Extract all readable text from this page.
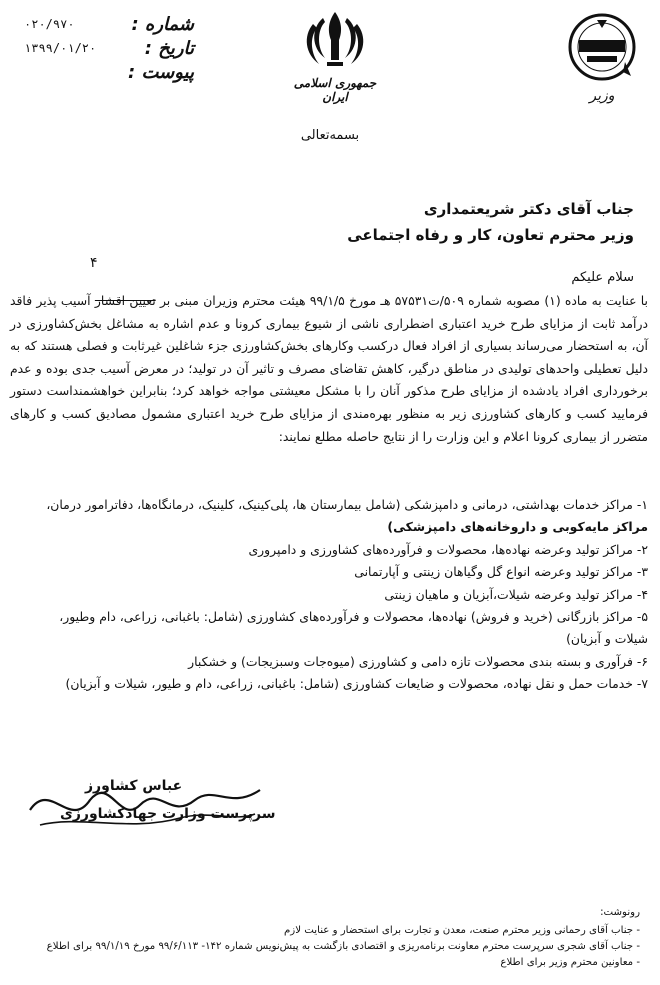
شماره :
۰۲۰/۹۷۰
تاریخ :
۱۳۹۹/۰۱/۲۰
پیوست :
جمهوری اسلامی ایران	وزیر
بسمه‌تعالی
جناب آقای دکتر شریعتمداری
وزیر محترم تعاون، کار و رفاه اجتماعی
۴
سلام علیکم
با عنایت به ماده (۱) مصوبه شماره ۵۰۹/ت۵۷۵۳۱ هـ مورخ ۹۹/۱/۵ هیئت محترم وزیران مبنی بر تعیین اقشار آسیب پذیر فاقد درآمد ثابت از مزایای طرح خرید اعتباری اضطراری ناشی از شیوع بیماری کرونا و عدم اشاره به مشاغل بخش‌کشاورزی در آن، به استحضار می‌رساند بسیاری از افراد فعال درکسب وکارهای بخش‌کشاورزی جزء شاغلین غیرثابت و فصلی هستند که به دلیل تعطیلی واحدهای تولیدی در مناطق درگیر، کاهش تقاضای مصرف و تاثیر آن در تولید؛ در معرض آسیب جدی بوده و عدم برخورداری افراد یادشده از مزایای طرح مذکور آنان را با مشکل معیشتی مواجه خواهد کرد؛ بنابراین خواهشمنداست دستور فرمایید کسب و کارهای کشاورزی زیر به منظور بهره‌مندی از مزایای طرح خرید اعتباری مشمول مصادیق کسب و کارهای متضرر از بیماری کرونا اعلام و این وزارت را از نتایج حاصله مطلع نمایند:
۱- مراکز خدمات بهداشتی، درمانی و دامپزشکی (شامل بیمارستان ها، پلی‌کینیک، کلینیک، درمانگاه‌ها، دفاترامور درمان،
مراکز مایه‌کوبی و داروخانه‌های دامپزشکی)
۲- مراکز تولید وعرضه نهاده‌ها، محصولات و فرآورده‌های کشاورزی و دامپروری
۳- مراکز تولید وعرضه انواع گل وگیاهان زینتی و آپارتمانی
۴- مراکز تولید وعرضه شیلات،آبزیان و ماهیان زینتی
۵- مراکز بازرگانی (خرید و فروش) نهاده‌ها، محصولات و فرآورده‌های کشاورزی (شامل: باغبانی، زراعی، دام وطیور،
شیلات و آبزیان)
۶- فرآوری و بسته بندی محصولات تازه دامی و کشاورزی (میوه‌جات وسبزیجات) و خشکبار
۷- خدمات حمل و نقل نهاده، محصولات و ضایعات کشاورزی (شامل: باغبانی، زراعی، دام و طیور، شیلات و آبزیان)
عباس کشاورز
سرپرست وزارت جهادکشاورزی
رونوشت:
- جناب آقای رحمانی وزیر محترم صنعت، معدن و تجارت برای استحضار و عنایت لازم
- جناب آقای شجری سرپرست محترم معاونت برنامه‌ریزی و اقتصادی بازگشت به پیش‌نویس شماره ۱۴۲- ۹۹/۶/۱۱۳ مورخ ۹۹/۱/۱۹ برای اطلاع
- معاونین محترم وزیر برای اطلاع
